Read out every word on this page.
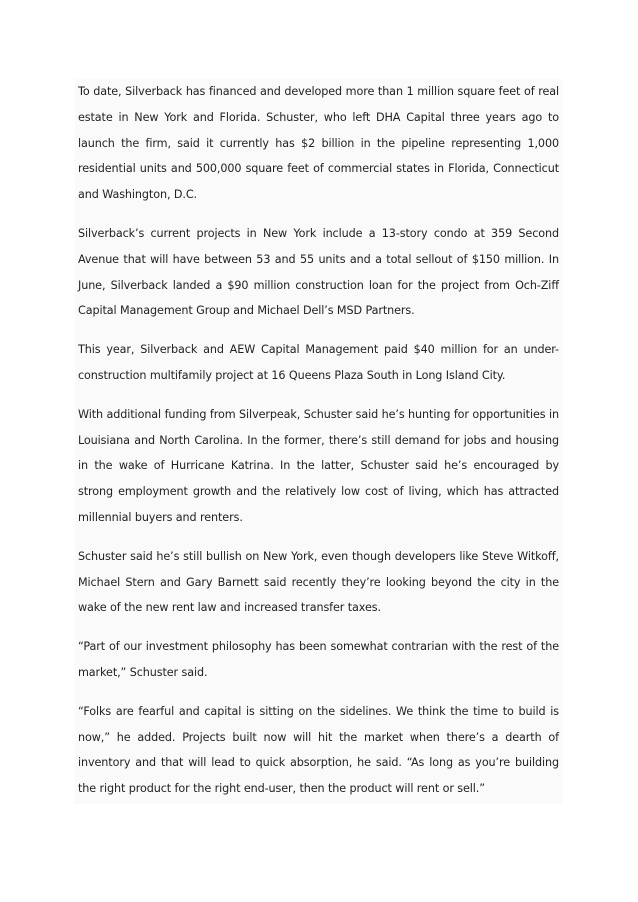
To date, Silverback has financed and developed more than 1 million square feet of real estate in New York and Florida. Schuster, who left DHA Capital three years ago to launch the firm, said it currently has $2 billion in the pipeline representing 1,000 residential units and 500,000 square feet of commercial states in Florida, Connecticut and Washington, D.C.

Silverback’s current projects in New York include a 13-story condo at 359 Second Avenue that will have between 53 and 55 units and a total sellout of $150 million. In June, Silverback landed a $90 million construction loan for the project from Och-Ziff Capital Management Group and Michael Dell’s MSD Partners.

This year, Silverback and AEW Capital Management paid $40 million for an under-construction multifamily project at 16 Queens Plaza South in Long Island City.

With additional funding from Silverpeak, Schuster said he’s hunting for opportunities in Louisiana and North Carolina. In the former, there’s still demand for jobs and housing in the wake of Hurricane Katrina. In the latter, Schuster said he’s encouraged by strong employment growth and the relatively low cost of living, which has attracted millennial buyers and renters.

Schuster said he’s still bullish on New York, even though developers like Steve Witkoff, Michael Stern and Gary Barnett said recently they’re looking beyond the city in the wake of the new rent law and increased transfer taxes.

“Part of our investment philosophy has been somewhat contrarian with the rest of the market,” Schuster said.

“Folks are fearful and capital is sitting on the sidelines. We think the time to build is now,” he added. Projects built now will hit the market when there’s a dearth of inventory and that will lead to quick absorption, he said. “As long as you’re building the right product for the right end-user, then the product will rent or sell.”
